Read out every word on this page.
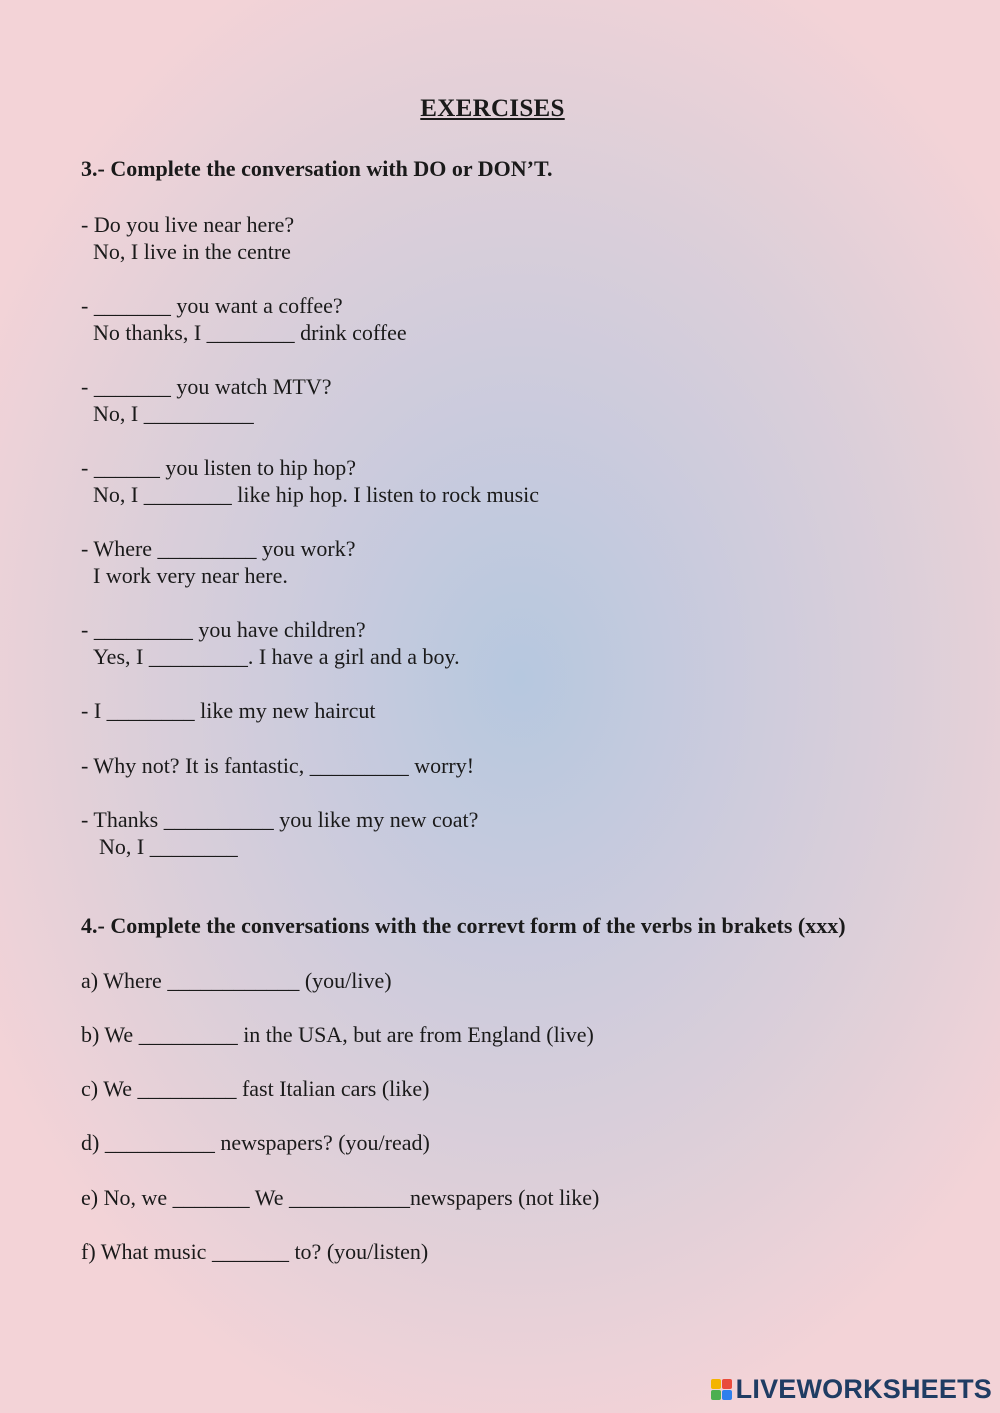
EXERCISES
3.- Complete the conversation with DO or DON’T.
- Do you live near here?
No, I live in the centre
- _______ you want a coffee?
No thanks, I ________ drink coffee
- _______ you watch MTV?
No, I __________
- ______ you listen to hip hop?
No, I ________ like hip hop. I listen to rock music
- Where _________ you work?
I work very near here.
- _________ you have children?
Yes, I _________. I have a girl and a boy.
- I ________ like my new haircut
- Why not? It is fantastic, _________ worry!
- Thanks __________ you like my new coat?
No, I ________
4.- Complete the conversations with the correvt form of the verbs in brakets (xxx)
a) Where ____________ (you/live)
b) We _________ in the USA, but are from England (live)
c) We _________ fast Italian cars (like)
d) __________ newspapers? (you/read)
e) No, we _______ We ___________newspapers (not like)
f) What music _______ to? (you/listen)
LIVEWORKSHEETS
